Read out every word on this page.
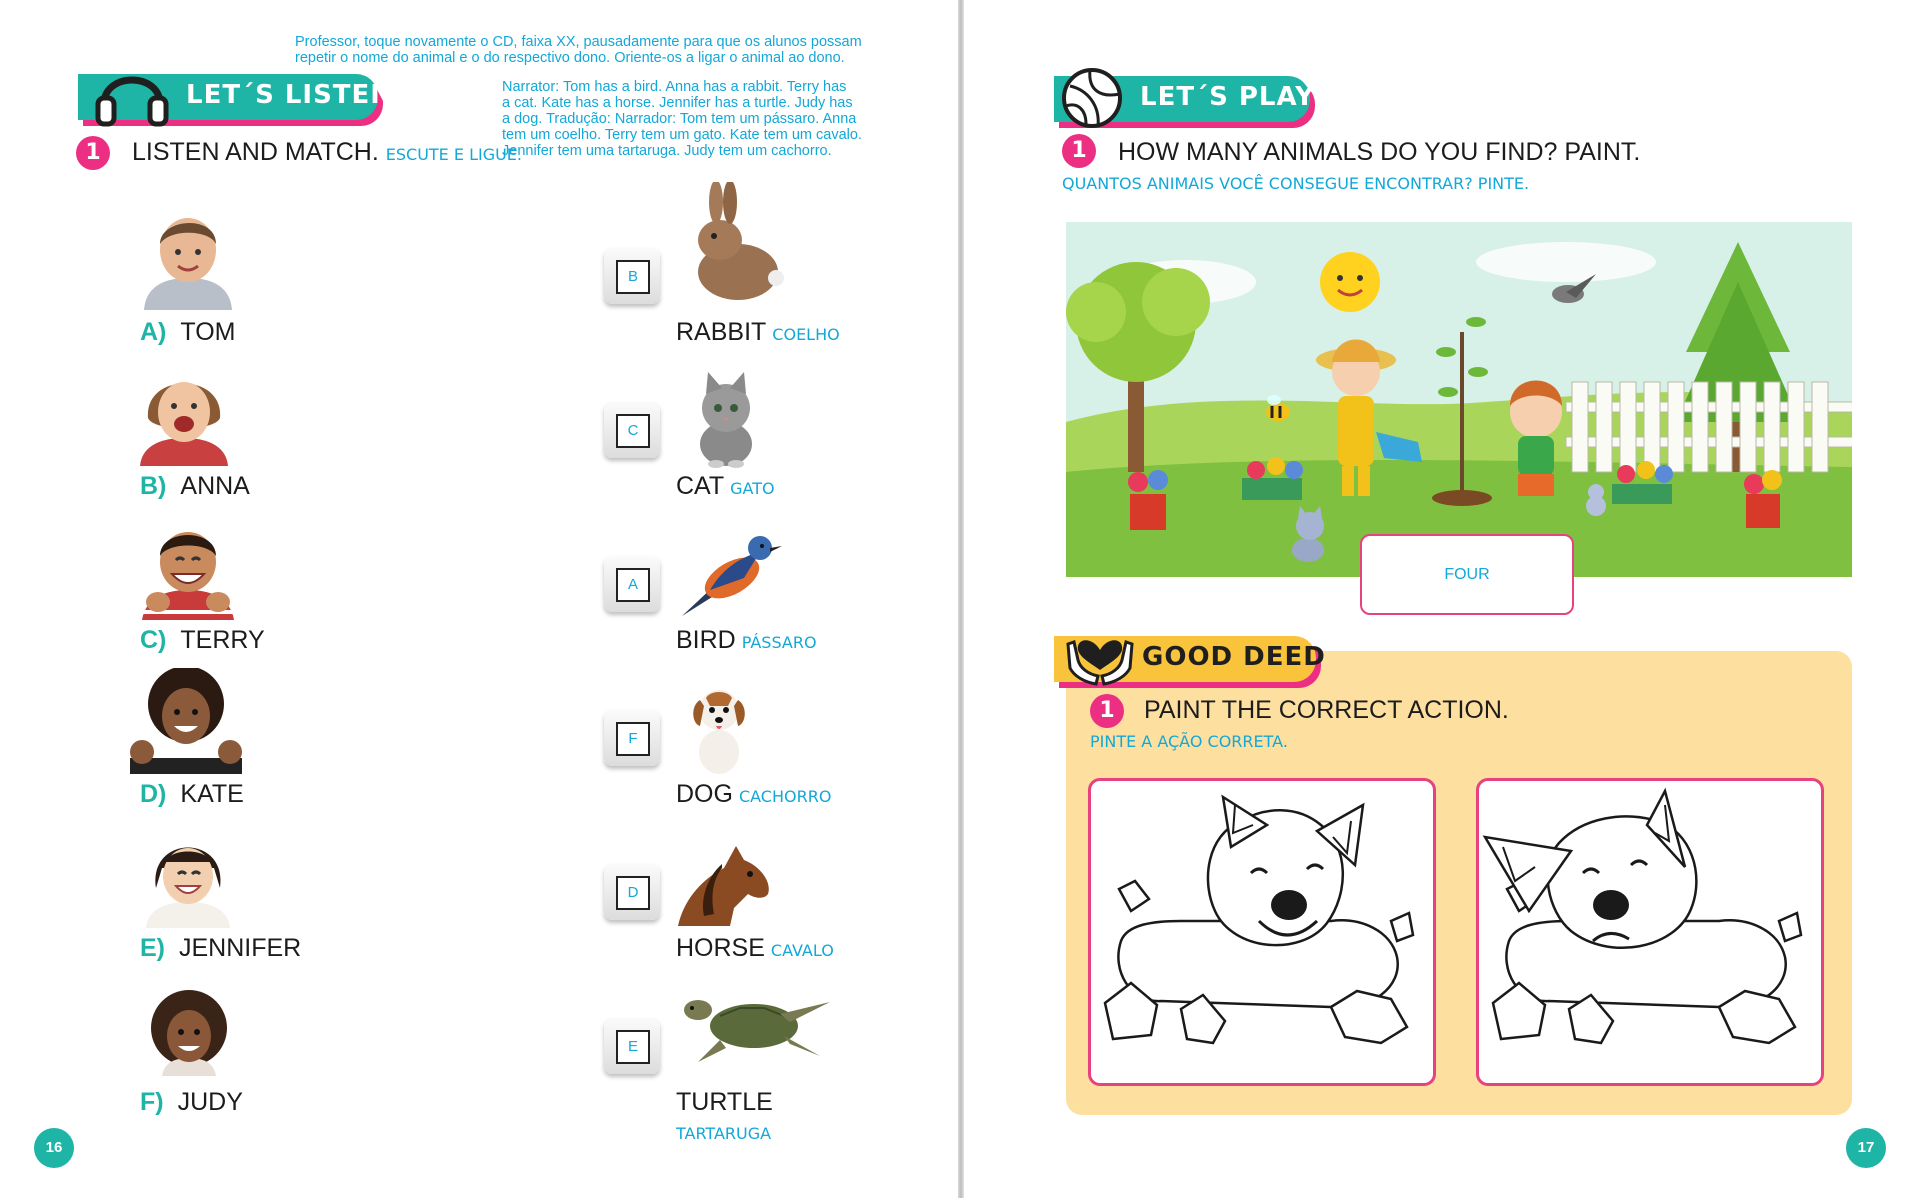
Professor, toque novamente o CD, faixa XX, pausadamente para que os alunos possam
repetir o nome do animal e o do respectivo dono. Oriente-os a ligar o animal ao dono.
Narrator: Tom has a bird. Anna has a rabbit. Terry has
a cat. Kate has a horse. Jennifer has a turtle. Judy has
a dog. Tradução: Narrador: Tom tem um pássaro. Anna
tem um coelho. Terry tem um gato. Kate tem um cavalo.
Jennifer tem uma tartaruga. Judy tem um cachorro.
LET´S LISTEN
1	LISTEN AND MATCH. ESCUTE E LIGUE.
A) TOM
B) ANNA
C) TERRY
D) KATE
E) JENNIFER
F) JUDY
B
RABBIT COELHO
C
CAT GATO
A
BIRD PÁSSARO
F
DOG CACHORRO
D
HORSE CAVALO
E
TURTLE
TARTARUGA
16
LET´S PLAY
1	HOW MANY ANIMALS DO YOU FIND? PAINT.
QUANTOS ANIMAIS VOCÊ CONSEGUE ENCONTRAR? PINTE.
FOUR
GOOD DEED
1	PAINT THE CORRECT ACTION.
PINTE A AÇÃO CORRETA.
17
